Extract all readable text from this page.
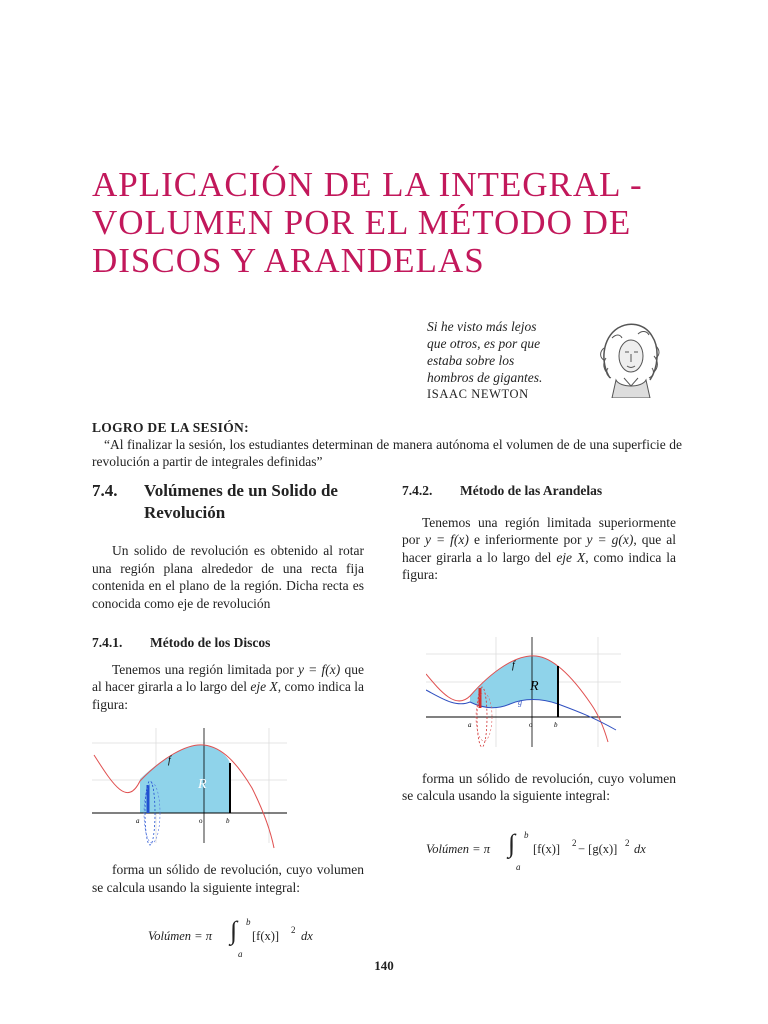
APLICACIÓN DE LA INTEGRAL - VOLUMEN POR EL MÉTODO DE DISCOS Y ARANDELAS
Si he visto más lejos
que otros, es por que
estaba sobre los
hombros de gigantes.
ISAAC NEWTON
LOGRO DE LA SESIÓN:
“Al finalizar la sesión, los estudiantes determinan de manera autónoma el volumen de de una superficie de revolución a partir de integrales definidas”
7.4.	Volúmenes de un Solido de Revolución

Un solido de revolución es obtenido al rotar una región plana alrededor de una recta fija contenida en el plano de la región. Dicha recta es conocida como eje de revolución

7.4.1.	Método de los Discos

Tenemos una región limitada por y = f(x) que al hacer girarla a lo largo del eje X, como indica la figura:

f
R
a	o	b

forma un sólido de revolución, cuyo volumen se calcula usando la siguiente integral:

Volúmen = π ∫ b
a
[f(x)] 2 dx
7.4.2.	Método de las Arandelas

Tenemos una región limitada superiormente por y = f(x) e inferiormente por y = g(x), que al hacer girarla a lo largo del eje X, como indica la figura:

f
R
g
a	o	b

forma un sólido de revolución, cuyo volumen se calcula usando la siguiente integral:

Volúmen = π ∫ b
a
[f(x)] 2 − [g(x)] 2 dx
140
